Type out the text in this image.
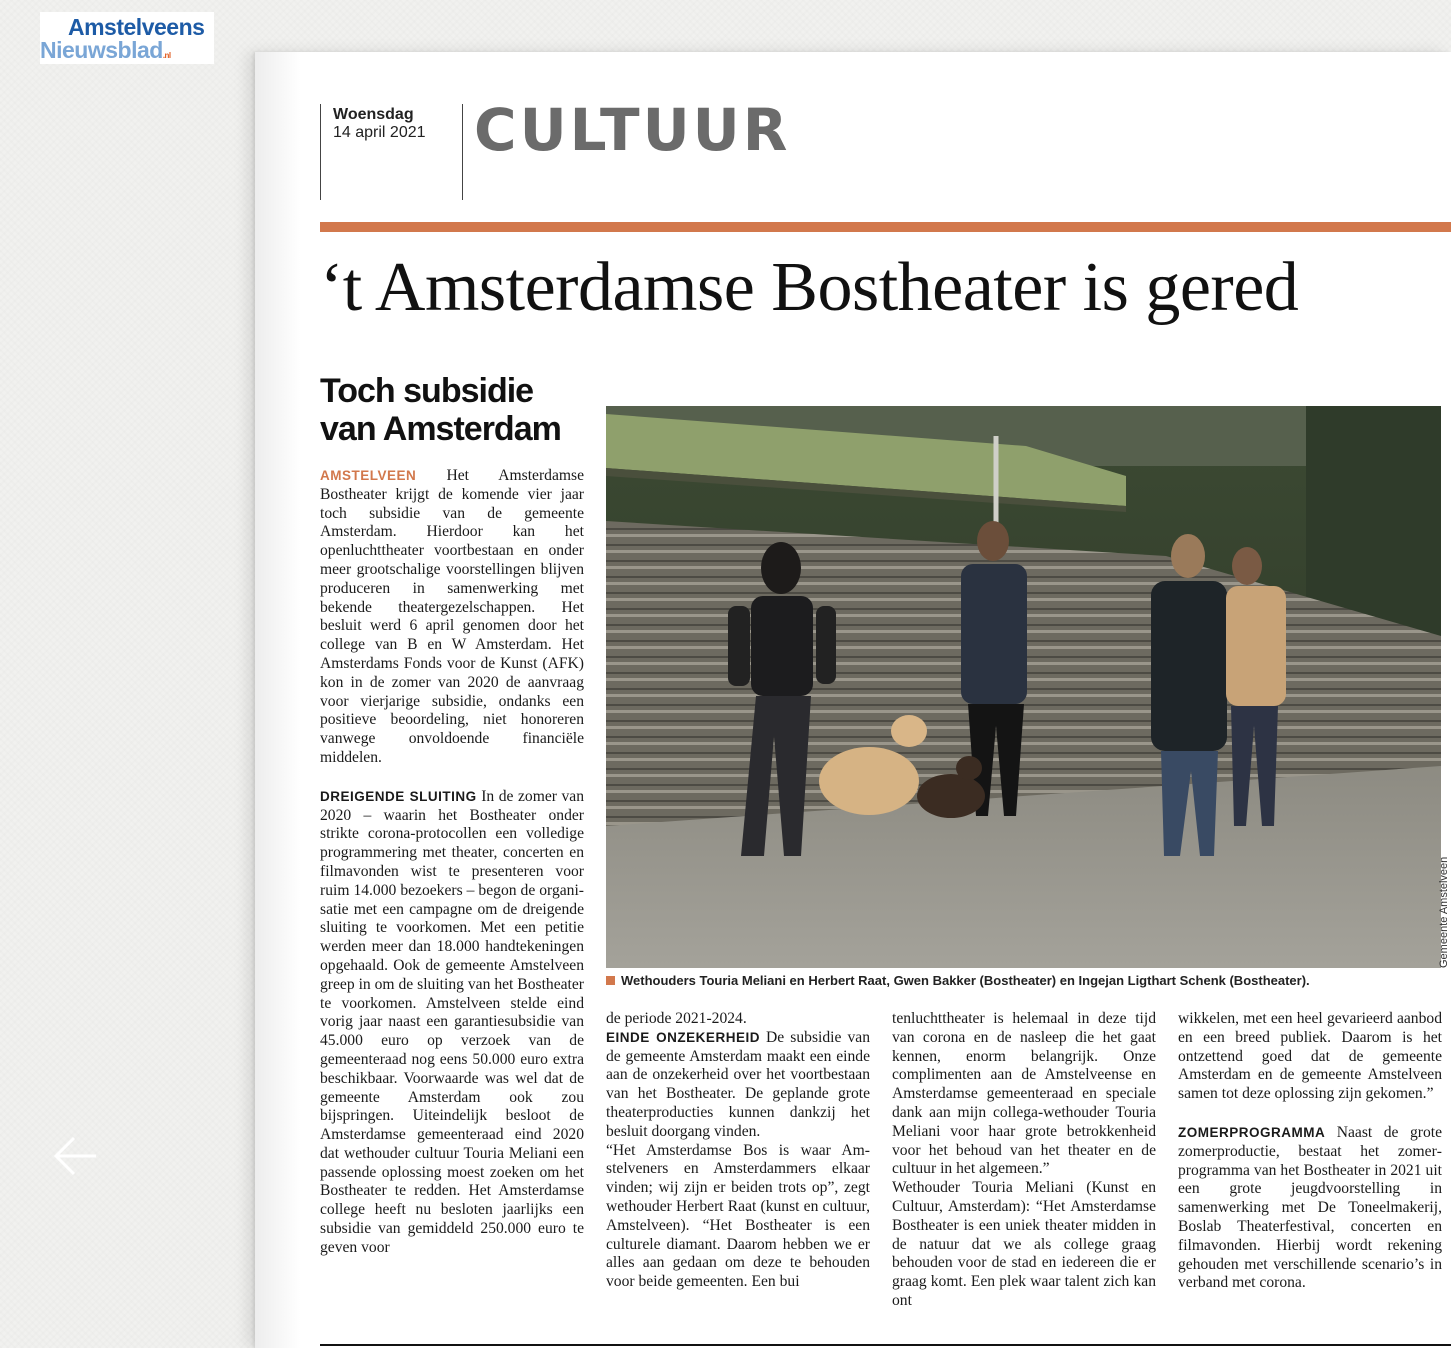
Amstelveens
Nieuwsblad.nl
Woensdag
14 april 2021 CULTUUR
‘t Amsterdamse Bostheater is gered
Toch subsidie van Amsterdam

AMSTELVEEN Het Amsterdamse Bostheater krijgt de komende vier jaar toch subsidie van de gemeente Amsterdam. Hierdoor kan het openluchttheater voortbestaan en onder meer grootschalige voorstellingen blijven produceren in samenwerking met bekende theatergezelschappen. Het besluit werd 6 april genomen door het college van B en W Amsterdam. Het Amsterdams Fonds voor de Kunst (AFK) kon in de zomer van 2020 de aanvraag voor vierjarige subsidie, ondanks een positieve beoordeling, niet honoreren vanwege onvoldoende financiële middelen.

DREIGENDE SLUITING In de zomer van 2020 – waarin het Bostheater onder strikte corona-protocollen een volledige programmering met theater, concerten en filmavonden wist te presenteren voor ruim 14.000 bezoekers – begon de organisatie met een campagne om de dreigende sluiting te voorkomen. Met een petitie werden meer dan 18.000 handtekeningen opgehaald. Ook de gemeente Amstelveen greep in om de sluiting van het Bostheater te voorkomen. Amstelveen stelde eind vorig jaar naast een garantiesubsidie van 45.000 euro op verzoek van de gemeenteraad nog eens 50.000 euro extra beschikbaar. Voorwaarde was wel dat de gemeente Amsterdam ook zou bijspringen. Uiteindelijk besloot de Amsterdamse gemeenteraad eind 2020 dat wethouder cultuur Touria Meliani een passende oplossing moest zoeken om het Bostheater te redden. Het Amsterdamse college heeft nu besloten jaarlijks een subsidie van gemiddeld 250.000 euro te geven voor

Gemeente Amstelveen
Wethouders Touria Meliani en Herbert Raat, Gwen Bakker (Bostheater) en Ingejan Ligthart Schenk (Bostheater).

de periode 2021-2024.

EINDE ONZEKERHEID De subsidie van de gemeente Amsterdam maakt een einde aan de onzekerheid over het voortbestaan van het Bostheater. De geplande grote theaterproducties kunnen dankzij het besluit doorgang vinden.

“Het Amsterdamse Bos is waar Amstelveners en Amsterdammers elkaar vinden; wij zijn er beiden trots op”, zegt wethouder Herbert Raat (kunst en cultuur, Amstelveen). “Het Bostheater is een culturele diamant. Daarom hebben we er alles aan gedaan om deze te behouden voor beide gemeenten. Een bui

tenluchttheater is helemaal in deze tijd van corona en de nasleep die het gaat kennen, enorm belangrijk. Onze complimenten aan de Amstelveense en Amsterdamse gemeenteraad en speciale dank aan mijn collega-wethouder Touria Meliani voor haar grote betrokkenheid voor het behoud van het theater en de cultuur in het algemeen.”

Wethouder Touria Meliani (Kunst en Cultuur, Amsterdam): “Het Amsterdamse Bostheater is een uniek theater midden in de natuur dat we als college graag behouden voor de stad en iedereen die er graag komt. Een plek waar talent zich kan ont

wikkelen, met een heel gevarieerd aanbod en een breed publiek. Daarom is het ontzettend goed dat de gemeente Amsterdam en de gemeente Amstelveen samen tot deze oplossing zijn gekomen.”

ZOMERPROGRAMMA Naast de grote zomerproductie, bestaat het zomerprogramma van het Bostheater in 2021 uit een grote jeugdvoorstelling in samenwerking met De Toneelmakerij, Boslab Theaterfestival, concerten en filmavonden. Hierbij wordt rekening gehouden met verschillende scenario’s in verband met corona.
